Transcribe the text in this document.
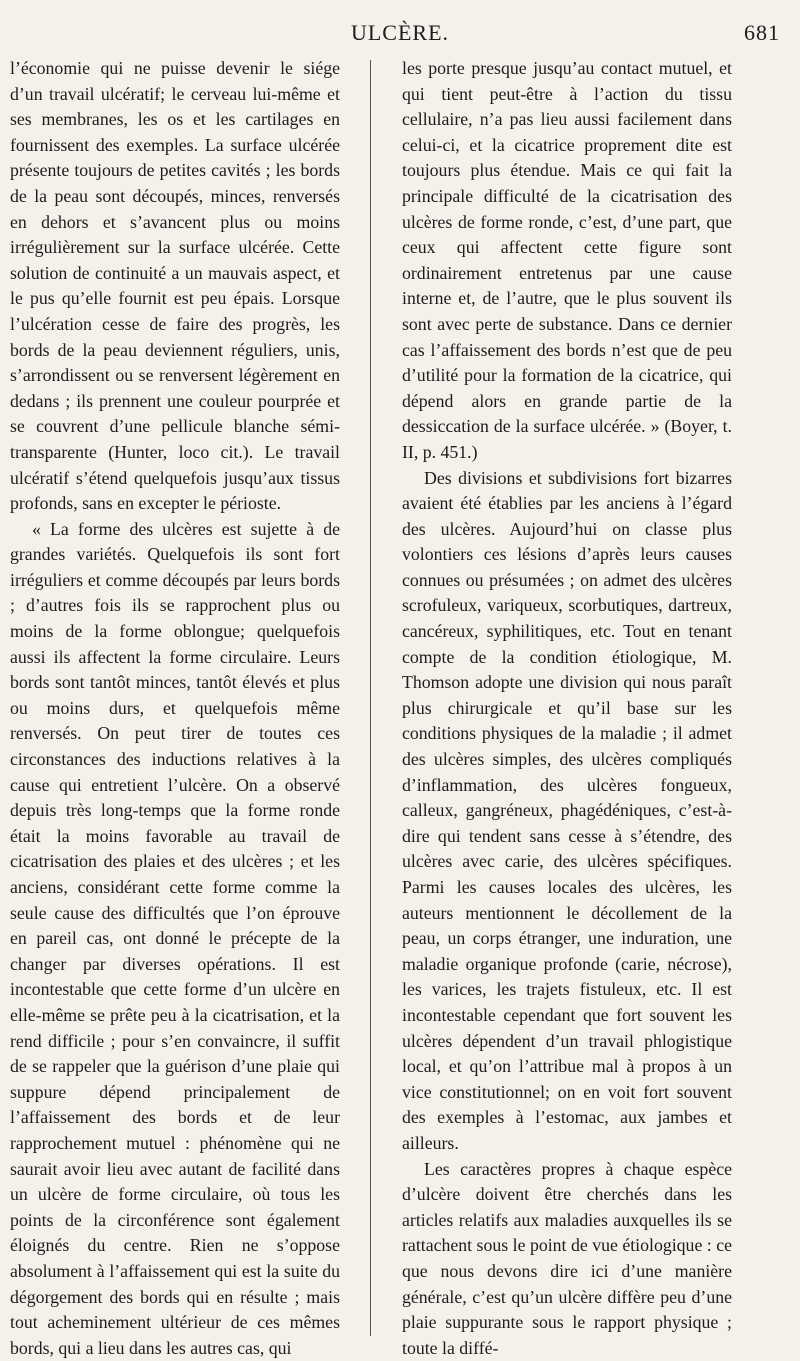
ULCÈRE.	681

l’économie qui ne puisse devenir le siége d’un travail ulcératif; le cerveau lui-même et ses membranes, les os et les cartilages en fournissent des exemples. La surface ulcérée présente toujours de petites cavités ; les bords de la peau sont découpés, minces, renversés en dehors et s’avancent plus ou moins irrégulièrement sur la surface ulcérée. Cette solution de continuité a un mauvais aspect, et le pus qu’elle fournit est peu épais. Lorsque l’ulcération cesse de faire des progrès, les bords de la peau deviennent réguliers, unis, s’arrondissent ou se renversent légèrement en dedans ; ils prennent une couleur pourprée et se couvrent d’une pellicule blanche sémi-transparente (Hunter, loco cit.). Le travail ulcératif s’étend quelquefois jusqu’aux tissus profonds, sans en excepter le périoste.

« La forme des ulcères est sujette à de grandes variétés. Quelquefois ils sont fort irréguliers et comme découpés par leurs bords ; d’autres fois ils se rapprochent plus ou moins de la forme oblongue; quelquefois aussi ils affectent la forme circulaire. Leurs bords sont tantôt minces, tantôt élevés et plus ou moins durs, et quelquefois même renversés. On peut tirer de toutes ces circonstances des inductions relatives à la cause qui entretient l’ulcère. On a observé depuis très long-temps que la forme ronde était la moins favorable au travail de cicatrisation des plaies et des ulcères ; et les anciens, considérant cette forme comme la seule cause des difficultés que l’on éprouve en pareil cas, ont donné le précepte de la changer par diverses opérations. Il est incontestable que cette forme d’un ulcère en elle-même se prête peu à la cicatrisation, et la rend difficile ; pour s’en convaincre, il suffit de se rappeler que la guérison d’une plaie qui suppure dépend principalement de l’affaissement des bords et de leur rapprochement mutuel : phénomène qui ne saurait avoir lieu avec autant de facilité dans un ulcère de forme circulaire, où tous les points de la circonférence sont également éloignés du centre. Rien ne s’oppose absolument à l’affaissement qui est la suite du dégorgement des bords qui en résulte ; mais tout acheminement ultérieur de ces mêmes bords, qui a lieu dans les autres cas, qui

les porte presque jusqu’au contact mutuel, et qui tient peut-être à l’action du tissu cellulaire, n’a pas lieu aussi facilement dans celui-ci, et la cicatrice proprement dite est toujours plus étendue. Mais ce qui fait la principale difficulté de la cicatrisation des ulcères de forme ronde, c’est, d’une part, que ceux qui affectent cette figure sont ordinairement entretenus par une cause interne et, de l’autre, que le plus souvent ils sont avec perte de substance. Dans ce dernier cas l’affaissement des bords n’est que de peu d’utilité pour la formation de la cicatrice, qui dépend alors en grande partie de la dessiccation de la surface ulcérée. » (Boyer, t. II, p. 451.)

Des divisions et subdivisions fort bizarres avaient été établies par les anciens à l’égard des ulcères. Aujourd’hui on classe plus volontiers ces lésions d’après leurs causes connues ou présumées ; on admet des ulcères scrofuleux, variqueux, scorbutiques, dartreux, cancéreux, syphilitiques, etc. Tout en tenant compte de la condition étiologique, M. Thomson adopte une division qui nous paraît plus chirurgicale et qu’il base sur les conditions physiques de la maladie ; il admet des ulcères simples, des ulcères compliqués d’inflammation, des ulcères fongueux, calleux, gangréneux, phagédéniques, c’est-à-dire qui tendent sans cesse à s’étendre, des ulcères avec carie, des ulcères spécifiques. Parmi les causes locales des ulcères, les auteurs mentionnent le décollement de la peau, un corps étranger, une induration, une maladie organique profonde (carie, nécrose), les varices, les trajets fistuleux, etc. Il est incontestable cependant que fort souvent les ulcères dépendent d’un travail phlogistique local, et qu’on l’attribue mal à propos à un vice constitutionnel; on en voit fort souvent des exemples à l’estomac, aux jambes et ailleurs.

Les caractères propres à chaque espèce d’ulcère doivent être cherchés dans les articles relatifs aux maladies auxquelles ils se rattachent sous le point de vue étiologique : ce que nous devons dire ici d’une manière générale, c’est qu’un ulcère diffère peu d’une plaie suppurante sous le rapport physique ; toute la diffé-
